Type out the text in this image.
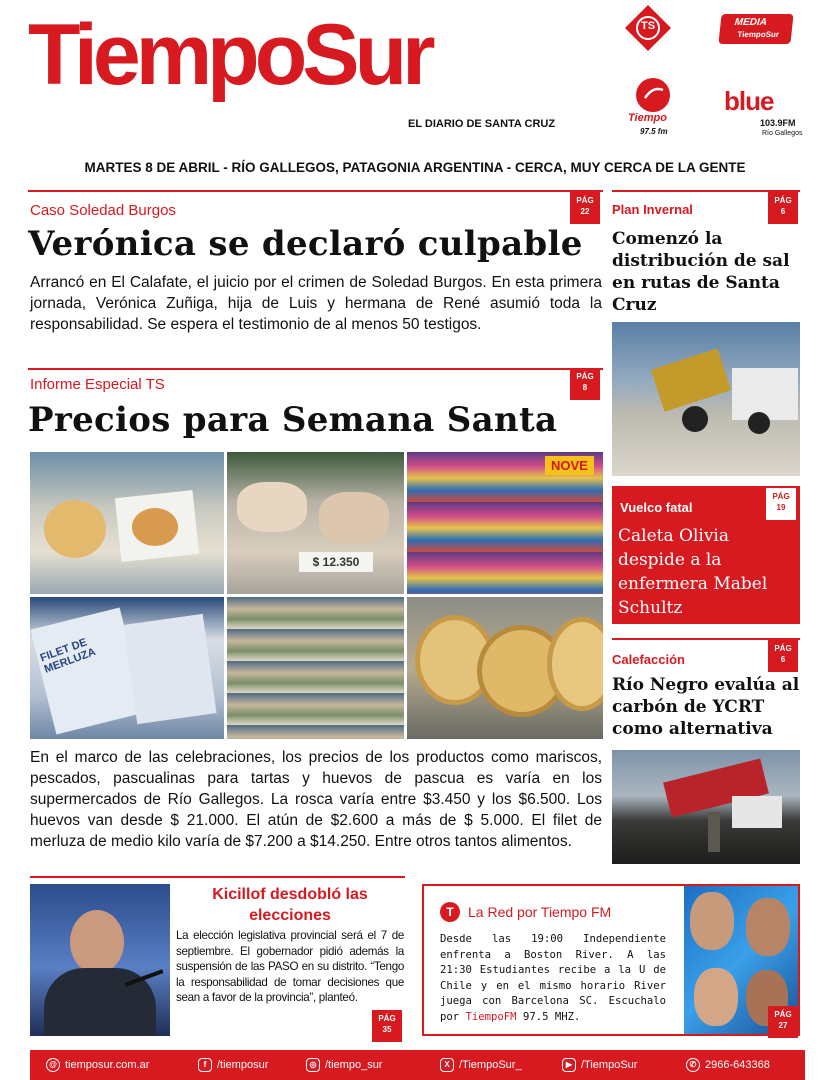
TiempoSur
EL DIARIO DE SANTA CRUZ
TS	MEDIA
TiempoSur
Tiempo
97.5 fm
blue
103.9FM
Río Gallegos
MARTES 8 DE ABRIL - RÍO GALLEGOS, PATAGONIA ARGENTINA - CERCA, MUY CERCA DE LA GENTE
Caso Soledad Burgos
PÁG
22
Verónica se declaró culpable
Arrancó en El Calafate, el juicio por el crimen de Soledad Burgos. En esta primera jornada, Verónica Zuñiga, hija de Luis y hermana de René asumió toda la responsabilidad. Se espera el testimonio de al menos 50 testigos.
Informe Especial TS	PÁG
8
Precios para Semana Santa
$ 12.350
NOVE
FILET DE MERLUZA
En el marco de las celebraciones, los precios de los productos como mariscos, pescados, pascualinas para tartas y huevos de pascua es varía en los supermercados de Río Gallegos. La rosca varía entre $3.450 y los $6.500. Los huevos van desde $ 21.000. El atún de $2.600 a más de $ 5.000. El filet de merluza de medio kilo varía de $7.200 a $14.250. Entre otros tantos alimentos.
Plan Invernal
PÁG
6
Comenzó la distribución de sal en rutas de Santa Cruz
Vuelco fatal
PÁG
19
Caleta Olivia despide a la enfermera Mabel Schultz
Calefacción
PÁG
6
Río Negro evalúa al carbón de YCRT como alternativa
Kicillof desdobló las elecciones
La elección legislativa provincial será el 7 de septiembre. El gobernador pidió además la suspensión de las PASO en su distrito. “Tengo la responsabilidad de tomar decisiones que sean a favor de la provincia”, planteó.
PÁG
35
T	La Red por Tiempo FM
Desde las 19:00 Independiente enfrenta a Boston River. A las 21:30 Estudiantes recibe a la U de Chile y en el mismo horario River juega con Barcelona SC. Escuchalo por TiempoFM 97.5 MHZ.	PÁG
27
@ tiemposur.com.ar	f /tiemposur	◎ /tiempo_sur	X /TiempoSur_	▶ /TiempoSur	✆ 2966-643368
